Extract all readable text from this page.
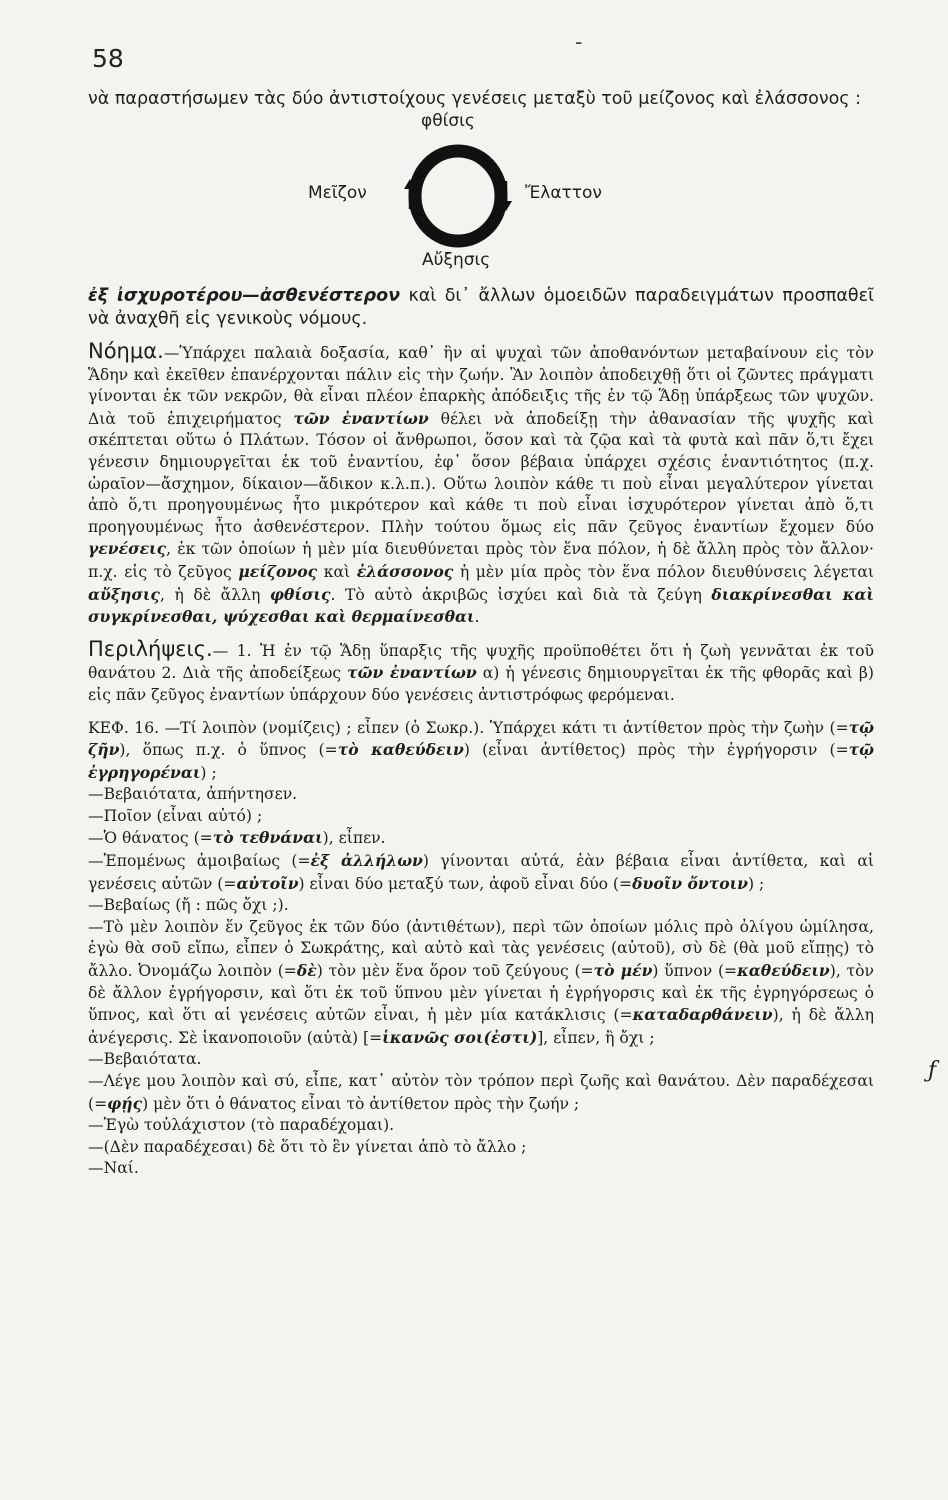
58
-
ƒ

νὰ παραστήσωμεν τὰς δύο ἀντιστοίχους γενέσεις μεταξὺ τοῦ μείζονος καὶ ἐλάσσονος :

φθίσις
Μεῖζον	Ἔλαττον
Αὔξησις

ἐξ ἰσχυροτέρου—ἀσθενέστερον καὶ δι᾽ ἄλλων ὁμοειδῶν παραδειγμάτων προσπαθεῖ νὰ ἀναχθῆ εἰς γενικοὺς νόμους.

Νόημα.—Ὑπάρχει παλαιὰ δοξασία, καθ᾽ ἣν αἱ ψυχαὶ τῶν ἀποθανόντων μεταβαίνουν εἰς τὸν Ἅδην καὶ ἐκεῖθεν ἐπανέρχονται πάλιν εἰς τὴν ζωήν. Ἂν λοιπὸν ἀποδειχθῇ ὅτι οἱ ζῶντες πράγματι γίνονται ἐκ τῶν νεκρῶν, θὰ εἶναι πλέον ἐπαρκὴς ἀπόδειξις τῆς ἐν τῷ Ἅδῃ ὑπάρξεως τῶν ψυχῶν. Διὰ τοῦ ἐπιχειρήματος τῶν ἐναντίων θέλει νὰ ἀποδείξῃ τὴν ἀθανασίαν τῆς ψυχῆς καὶ σκέπτεται οὕτω ὁ Πλάτων. Τόσον οἱ ἄνθρωποι, ὅσον καὶ τὰ ζῷα καὶ τὰ φυτὰ καὶ πᾶν ὅ,τι ἔχει γένεσιν δημιουργεῖται ἐκ τοῦ ἐναντίου, ἐφ᾽ ὅσον βέβαια ὑπάρχει σχέσις ἐναντιότητος (π.χ. ὡραῖον—ἄσχημον, δίκαιον—ἄδικον κ.λ.π.). Οὕτω λοιπὸν κάθε τι ποὺ εἶναι μεγαλύτερον γίνεται ἀπὸ ὅ,τι προηγουμένως ἦτο μικρότερον καὶ κάθε τι ποὺ εἶναι ἰσχυρότερον γίνεται ἀπὸ ὅ,τι προηγουμένως ἦτο ἀσθενέστερον. Πλὴν τούτου ὅμως εἰς πᾶν ζεῦγος ἐναντίων ἔχομεν δύο γενέσεις, ἐκ τῶν ὁποίων ἡ μὲν μία διευθύνεται πρὸς τὸν ἕνα πόλον, ἡ δὲ ἄλλη πρὸς τὸν ἄλλον· π.χ. εἰς τὸ ζεῦγος μείζονος καὶ ἐλάσσονος ἡ μὲν μία πρὸς τὸν ἕνα πόλον διευθύνσεις λέγεται αὔξησις, ἡ δὲ ἄλλη φθίσις. Τὸ αὐτὸ ἀκριβῶς ἰσχύει καὶ διὰ τὰ ζεύγη διακρίνεσθαι καὶ συγκρίνεσθαι, ψύχεσθαι καὶ θερμαίνεσθαι.

Περιλήψεις.— 1. Ἡ ἐν τῷ Ἅδῃ ὕπαρξις τῆς ψυχῆς προϋποθέτει ὅτι ἡ ζωὴ γεννᾶται ἐκ τοῦ θανάτου 2. Διὰ τῆς ἀποδείξεως τῶν ἐναντίων α) ἡ γένεσις δημιουργεῖται ἐκ τῆς φθορᾶς καὶ β) εἰς πᾶν ζεῦγος ἐναντίων ὑπάρχουν δύο γενέσεις ἀντιστρόφως φερόμεναι.

ΚΕΦ. 16. —Τί λοιπὸν (νομίζεις) ; εἶπεν (ὁ Σωκρ.). Ὑπάρχει κάτι τι ἀντίθετον πρὸς τὴν ζωὴν (=τῷ ζῆν), ὅπως π.χ. ὁ ὕπνος (=τὸ καθεύδειν) (εἶναι ἀντίθετος) πρὸς τὴν ἐγρήγορσιν (=τῷ ἐγρηγορέναι) ;

—Βεβαιότατα, ἀπήντησεν.

—Ποῖον (εἶναι αὐτό) ;

—Ὁ θάνατος (=τὸ τεθνάναι), εἶπεν.

—Ἑπομένως ἀμοιβαίως (=ἐξ ἀλλήλων) γίνονται αὐτά, ἐὰν βέβαια εἶναι ἀντίθετα, καὶ αἱ γενέσεις αὐτῶν (=αὐτοῖν) εἶναι δύο μεταξύ των, ἀφοῦ εἶναι δύο (=δυοῖν ὄντοιν) ;

—Βεβαίως (ἤ : πῶς ὄχι ;).

—Τὸ μὲν λοιπὸν ἕν ζεῦγος ἐκ τῶν δύο (ἀντιθέτων), περὶ τῶν ὁποίων μόλις πρὸ ὀλίγου ὡμίλησα, ἐγὼ θὰ σοῦ εἴπω, εἶπεν ὁ Σωκράτης, καὶ αὐτὸ καὶ τὰς γενέσεις (αὐτοῦ), σὺ δὲ (θὰ μοῦ εἴπῃς) τὸ ἄλλο. Ὀνομάζω λοιπὸν (=δὲ) τὸν μὲν ἕνα ὅρον τοῦ ζεύγους (=τὸ μέν) ὕπνον (=καθεύδειν), τὸν δὲ ἄλλον ἐγρήγορσιν, καὶ ὅτι ἐκ τοῦ ὕπνου μὲν γίνεται ἡ ἐγρήγορσις καὶ ἐκ τῆς ἐγρηγόρσεως ὁ ὕπνος, καὶ ὅτι αἱ γενέσεις αὐτῶν εἶναι, ἡ μὲν μία κατάκλισις (=καταδαρθάνειν), ἡ δὲ ἄλλη ἀνέγερσις. Σὲ ἱκανοποιοῦν (αὐτὰ) [=ἱκανῶς σοι(ἐστι)], εἶπεν, ἢ ὄχι ;

—Βεβαιότατα.

—Λέγε μου λοιπὸν καὶ σύ, εἶπε, κατ᾽ αὐτὸν τὸν τρόπον περὶ ζωῆς καὶ θανάτου. Δὲν παραδέχεσαι (=φῄς) μὲν ὅτι ὁ θάνατος εἶναι τὸ ἀντίθετον πρὸς τὴν ζωήν ;

—Ἐγὼ τοὐλάχιστον (τὸ παραδέχομαι).

—(Δὲν παραδέχεσαι) δὲ ὅτι τὸ ἓν γίνεται ἀπὸ τὸ ἄλλο ;

—Ναί.
